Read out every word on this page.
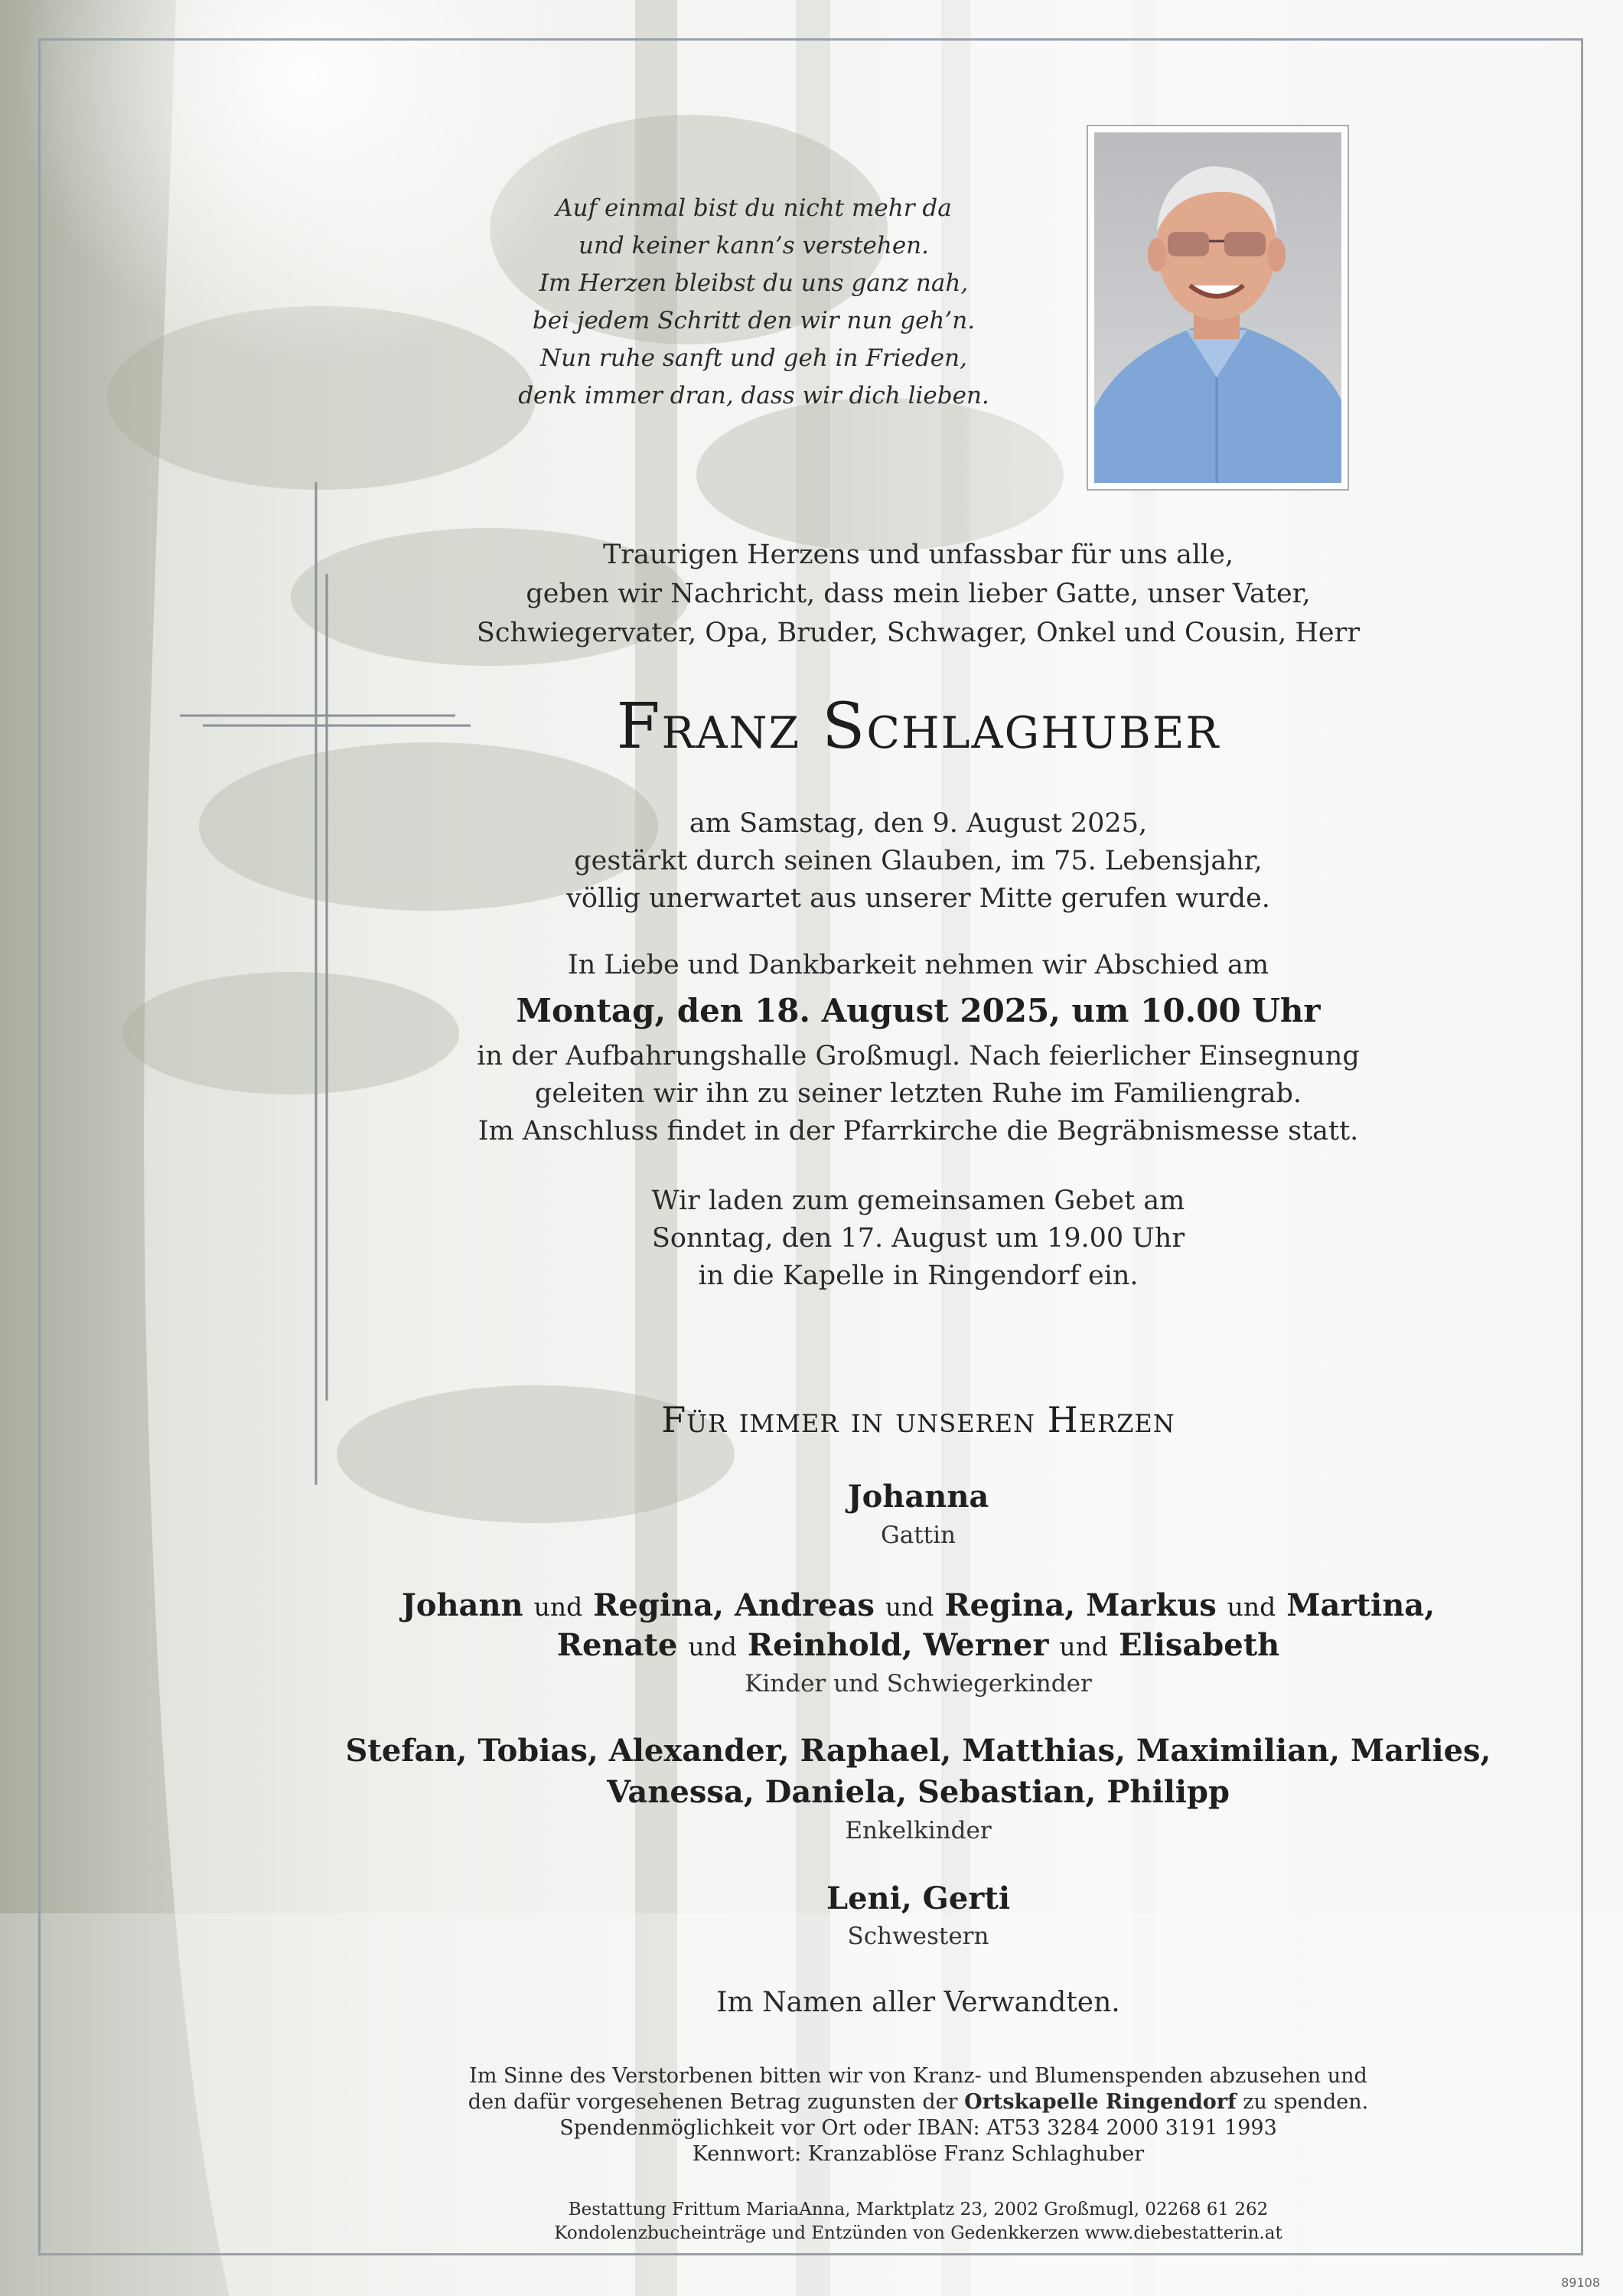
Auf einmal bist du nicht mehr da
und keiner kann’s verstehen.
Im Herzen bleibst du uns ganz nah,
bei jedem Schritt den wir nun geh’n.
Nun ruhe sanft und geh in Frieden,
denk immer dran, dass wir dich lieben.
Traurigen Herzens und unfassbar für uns alle,
geben wir Nachricht, dass mein lieber Gatte, unser Vater,
Schwiegervater, Opa, Bruder, Schwager, Onkel und Cousin, Herr
Franz Schlaghuber
am Samstag, den 9. August 2025,
gestärkt durch seinen Glauben, im 75. Lebensjahr,
völlig unerwartet aus unserer Mitte gerufen wurde.
In Liebe und Dankbarkeit nehmen wir Abschied am
Montag, den 18. August 2025, um 10.00 Uhr
in der Aufbahrungshalle Großmugl. Nach feierlicher Einsegnung
geleiten wir ihn zu seiner letzten Ruhe im Familiengrab.
Im Anschluss findet in der Pfarrkirche die Begräbnismesse statt.
Wir laden zum gemeinsamen Gebet am
Sonntag, den 17. August um 19.00 Uhr
in die Kapelle in Ringendorf ein.
Für immer in unseren Herzen
Johanna
Gattin
Johann und Regina, Andreas und Regina, Markus und Martina,
Renate und Reinhold, Werner und Elisabeth
Kinder und Schwiegerkinder
Stefan, Tobias, Alexander, Raphael, Matthias, Maximilian, Marlies,
Vanessa, Daniela, Sebastian, Philipp
Enkelkinder
Leni, Gerti
Schwestern
Im Namen aller Verwandten.
Im Sinne des Verstorbenen bitten wir von Kranz- und Blumenspenden abzusehen und
den dafür vorgesehenen Betrag zugunsten der Ortskapelle Ringendorf zu spenden.
Spendenmöglichkeit vor Ort oder IBAN: AT53 3284 2000 3191 1993
Kennwort: Kranzablöse Franz Schlaghuber
Bestattung Frittum MariaAnna, Marktplatz 23, 2002 Großmugl, 02268 61 262
Kondolenzbucheinträge und Entzünden von Gedenkkerzen www.diebestatterin.at
89108
